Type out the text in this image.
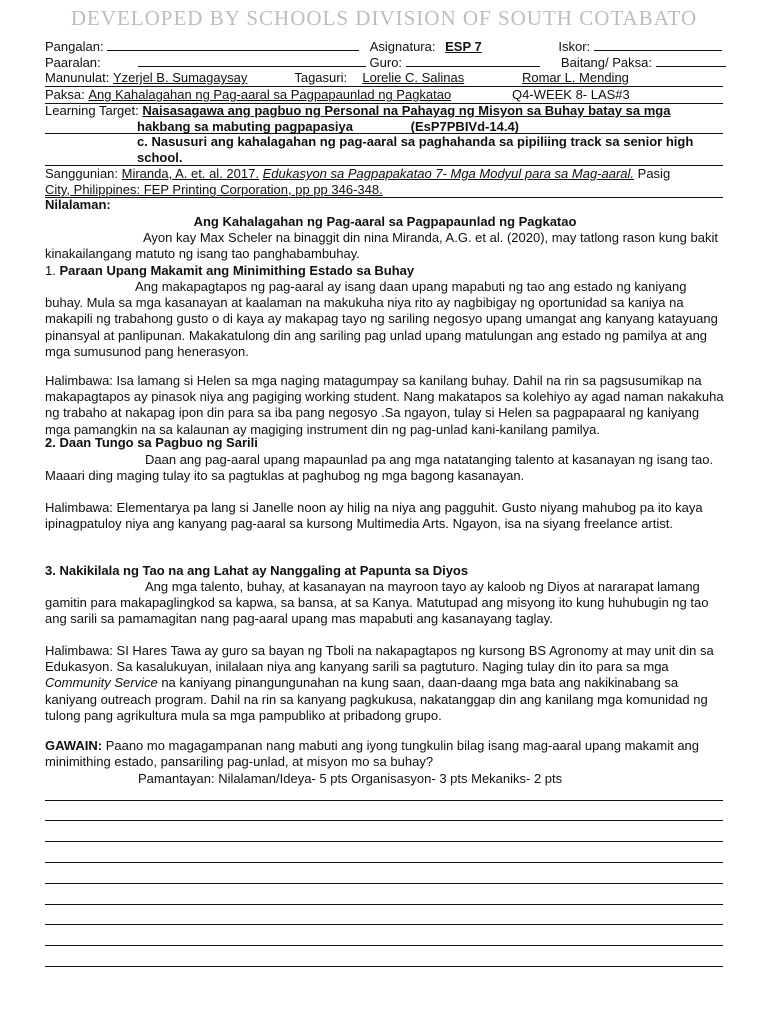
DEVELOPED BY SCHOOLS DIVISION OF SOUTH COTABATO
Pangalan:	Asignatura: ESP 7	Iskor:
Paaralan:	Guro:	Baitang/ Paksa:
Manunulat: Yzerjel B. Sumagaysay	Tagasuri: Lorelie C. Salinas	Romar L. Mending
Paksa: Ang Kahalagahan ng Pag-aaral sa Pagpapaunlad ng Pagkatao	Q4-WEEK 8- LAS#3
Learning Target: Naisasagawa ang pagbuo ng Personal na Pahayag ng Misyon sa Buhay batay sa mga
hakbang sa mabuting pagpapasiya	(EsP7PBIVd-14.4)
c. Nasusuri ang kahalagahan ng pag-aaral sa paghahanda sa pipiliing track sa senior high
school.
Sanggunian: Miranda, A. et. al. 2017. Edukasyon sa Pagpapakatao 7- Mga Modyul para sa Mag-aaral. Pasig
City, Philippines: FEP Printing Corporation, pp pp 346-348.
Nilalaman:
Ang Kahalagahan ng Pag-aaral sa Pagpapaunlad ng Pagkatao
Ayon kay Max Scheler na binaggit din nina Miranda, A.G. et al. (2020), may tatlong rason kung bakit kinakailangang matuto ng isang tao panghabambuhay.
1. Paraan Upang Makamit ang Minimithing Estado sa Buhay
Ang makapagtapos ng pag-aaral ay isang daan upang mapabuti ng tao ang estado ng kaniyang buhay. Mula sa mga kasanayan at kaalaman na makukuha niya rito ay nagbibigay ng oportunidad sa kaniya na makapili ng trabahong gusto o di kaya ay makapag tayo ng sariling negosyo upang umangat ang kanyang katayuang pinansyal at panlipunan. Makakatulong din ang sariling pag unlad upang matulungan ang estado ng pamilya at ang mga sumusunod pang henerasyon.
Halimbawa: Isa lamang si Helen sa mga naging matagumpay sa kanilang buhay. Dahil na rin sa pagsusumikap na makapagtapos ay pinasok niya ang pagiging working student. Nang makatapos sa kolehiyo ay agad naman nakakuha ng trabaho at nakapag ipon din para sa iba pang negosyo .Sa ngayon, tulay si Helen sa pagpapaaral ng kaniyang mga pamangkin na sa kalaunan ay magiging instrument din ng pag-unlad kani-kanilang pamilya.
2. Daan Tungo sa Pagbuo ng Sarili
Daan ang pag-aaral upang mapaunlad pa ang mga natatanging talento at kasanayan ng isang tao. Maaari ding maging tulay ito sa pagtuklas at paghubog ng mga bagong kasanayan.
Halimbawa: Elementarya pa lang si Janelle noon ay hilig na niya ang pagguhit. Gusto niyang mahubog pa ito kaya ipinagpatuloy niya ang kanyang pag-aaral sa kursong Multimedia Arts. Ngayon, isa na siyang freelance artist.
3. Nakikilala ng Tao na ang Lahat ay Nanggaling at Papunta sa Diyos
Ang mga talento, buhay, at kasanayan na mayroon tayo ay kaloob ng Diyos at nararapat lamang gamitin para makapaglingkod sa kapwa, sa bansa, at sa Kanya. Matutupad ang misyong ito kung huhubugin ng tao ang sarili sa pamamagitan nang pag-aaral upang mas mapabuti ang kasanayang taglay.
Halimbawa: SI Hares Tawa ay guro sa bayan ng Tboli na nakapagtapos ng kursong BS Agronomy at may unit din sa Edukasyon. Sa kasalukuyan, inilalaan niya ang kanyang sarili sa pagtuturo. Naging tulay din ito para sa mga Community Service na kaniyang pinangungunahan na kung saan, daan-daang mga bata ang nakikinabang sa kaniyang outreach program. Dahil na rin sa kanyang pagkukusa, nakatanggap din ang kanilang mga komunidad ng tulong pang agrikultura mula sa mga pampubliko at pribadong grupo.
GAWAIN: Paano mo magagampanan nang mabuti ang iyong tungkulin bilag isang mag-aaral upang makamit ang minimithing estado, pansariling pag-unlad, at misyon mo sa buhay?
Pamantayan: Nilalaman/Ideya- 5 pts Organisasyon- 3 pts Mekaniks- 2 pts
